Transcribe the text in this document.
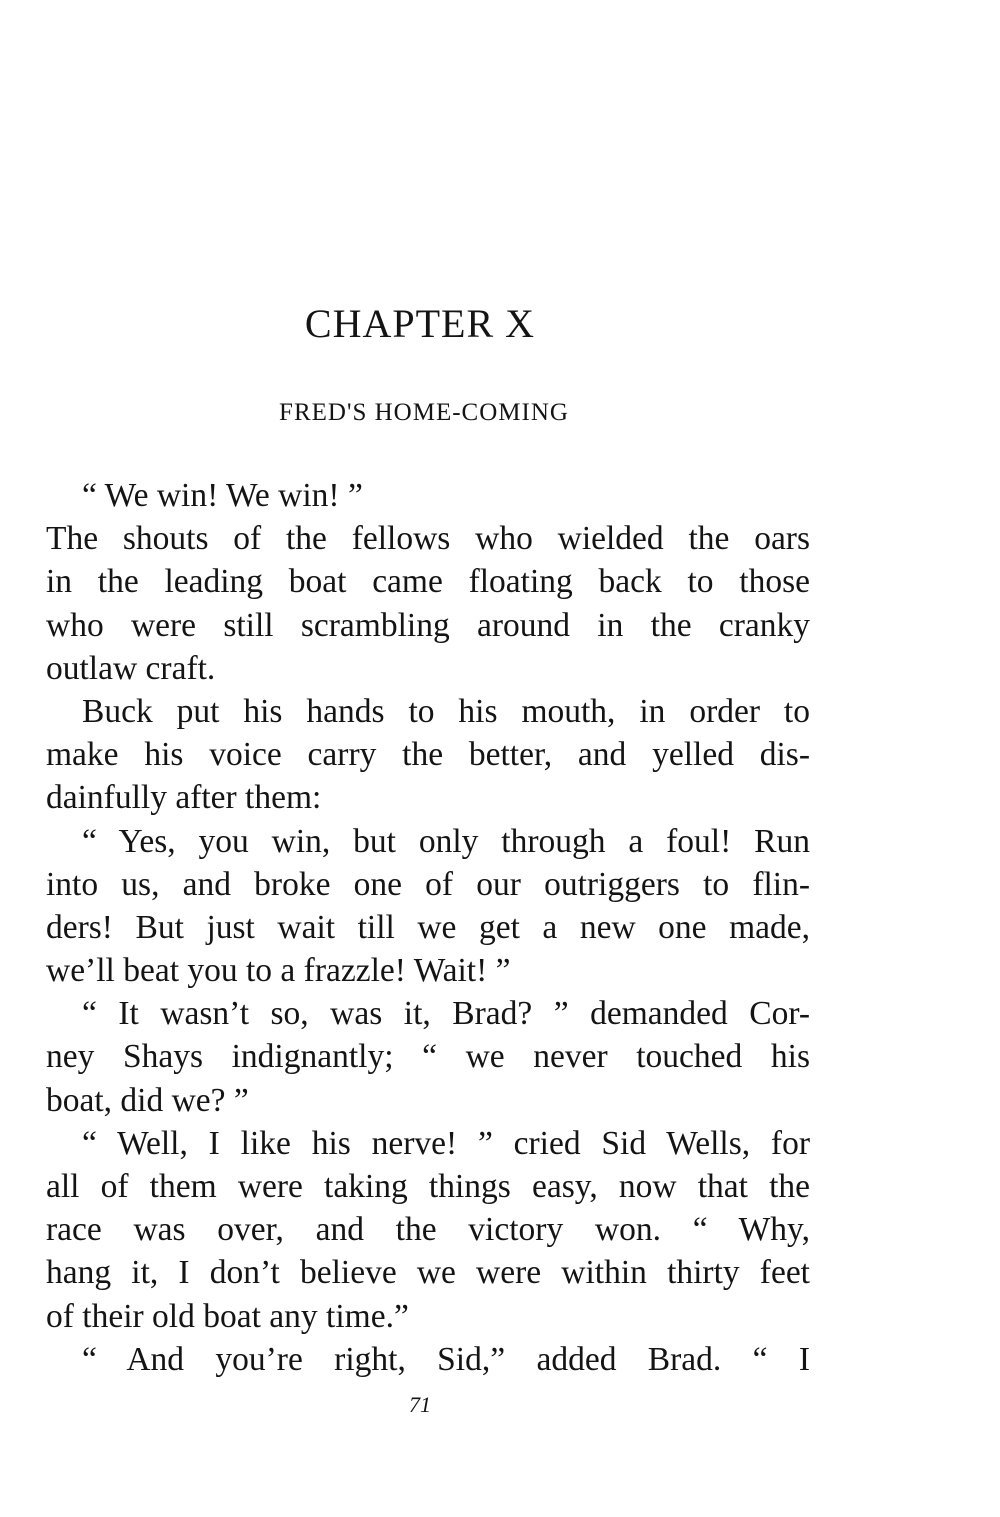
CHAPTER X
FRED'S HOME-COMING
“ We win! We win! ”
The shouts of the fellows who wielded the oars
in the leading boat came floating back to those
who were still scrambling around in the cranky
outlaw craft.
Buck put his hands to his mouth, in order to
make his voice carry the better, and yelled dis-
dainfully after them:
“ Yes, you win, but only through a foul! Run
into us, and broke one of our outriggers to flin-
ders! But just wait till we get a new one made,
we’ll beat you to a frazzle! Wait! ”
“ It wasn’t so, was it, Brad? ” demanded Cor-
ney Shays indignantly; “ we never touched his
boat, did we? ”
“ Well, I like his nerve! ” cried Sid Wells, for
all of them were taking things easy, now that the
race was over, and the victory won. “ Why,
hang it, I don’t believe we were within thirty feet
of their old boat any time.”
“ And you’re right, Sid,” added Brad. “ I
71
